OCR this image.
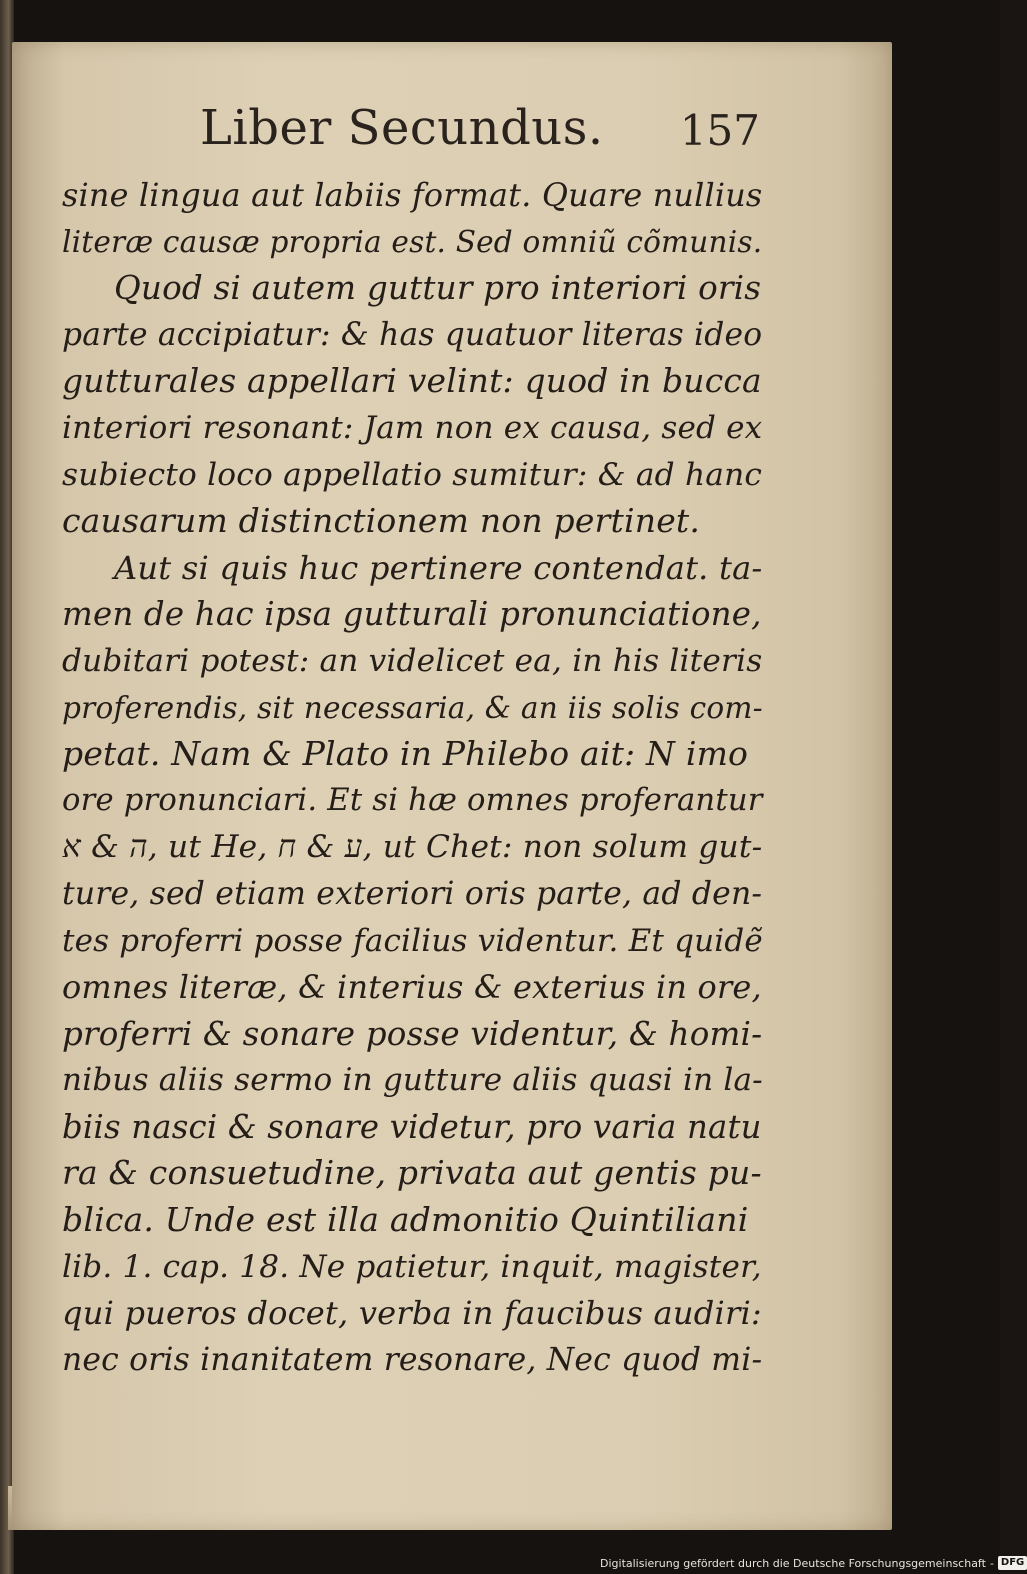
Liber Secundus. 157
sine lingua aut labiis format. Quare nullius
literæ causæ propria est. Sed omniũ cõmunis.
Quod si autem guttur pro interiori oris
parte accipiatur: & has quatuor literas ideo
gutturales appellari velint: quod in bucca
interiori resonant: Jam non ex causa, sed ex
subiecto loco appellatio sumitur: & ad hanc
causarum distinctionem non pertinet.
Aut si quis huc pertinere contendat. ta-
men de hac ipsa gutturali pronunciatione,
dubitari potest: an videlicet ea, in his literis
proferendis, sit necessaria, & an iis solis com-
petat. Nam & Plato in Philebo ait: N imo
ore pronunciari. Et si hæ omnes proferantur
ה & א, ut He, ע & ח, ut Chet: non solum gut-
ture, sed etiam exteriori oris parte, ad den-
tes proferri posse facilius videntur. Et quidẽ
omnes literæ, & interius & exterius in ore,
proferri & sonare posse videntur, & homi-
nibus aliis sermo in gutture aliis quasi in la-
biis nasci & sonare videtur, pro varia natu
ra & consuetudine, privata aut gentis pu-
blica. Unde est illa admonitio Quintiliani
lib. 1. cap. 18. Ne patietur, inquit, magister,
qui pueros docet, verba in faucibus audiri:
nec oris inanitatem resonare, Nec quod mi-
Digitalisierung gefördert durch die Deutsche Forschungsgemeinschaft - DFG
